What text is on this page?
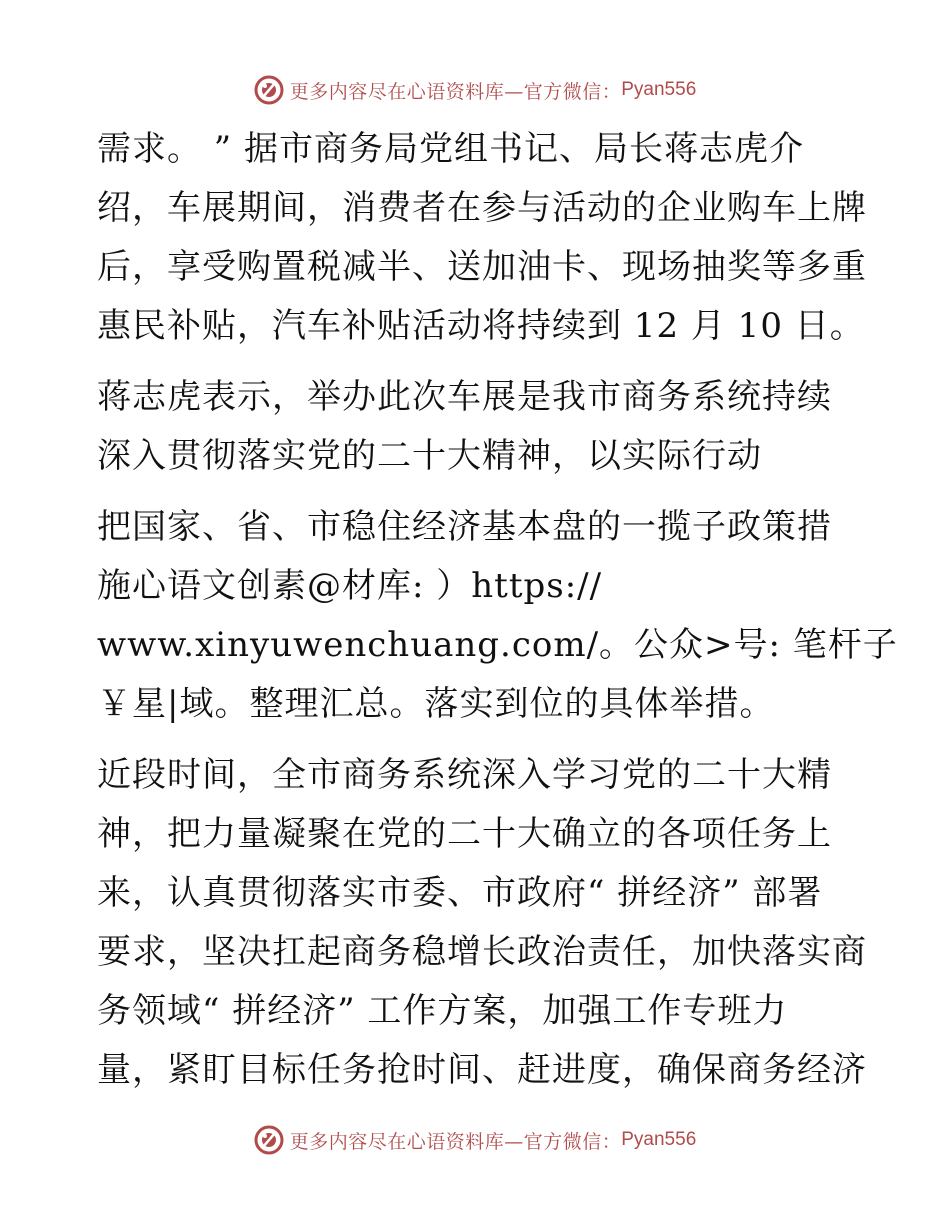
更多内容尽在心语资料库—官方微信： Pyan556
需求。 ” 据市商务局党组书记、局长蒋志虎介
绍，车展期间，消费者在参与活动的企业购车上牌
后，享受购置税减半、送加油卡、现场抽奖等多重
惠民补贴，汽车补贴活动将持续到 12 月 10 日。
蒋志虎表示，举办此次车展是我市商务系统持续
深入贯彻落实党的二十大精神，以实际行动
把国家、省、市稳住经济基本盘的一揽子政策措
施心语文创素@材库: ）https://
www.xinyuwenchuang.com/。公众>号: 笔杆子
￥星|域。整理汇总。落实到位的具体举措。
近段时间，全市商务系统深入学习党的二十大精
神，把力量凝聚在党的二十大确立的各项任务上
来，认真贯彻落实市委、市政府“ 拼经济” 部署
要求，坚决扛起商务稳增长政治责任，加快落实商
务领域“ 拼经济” 工作方案，加强工作专班力
量，紧盯目标任务抢时间、赶进度，确保商务经济
更多内容尽在心语资料库—官方微信： Pyan556
